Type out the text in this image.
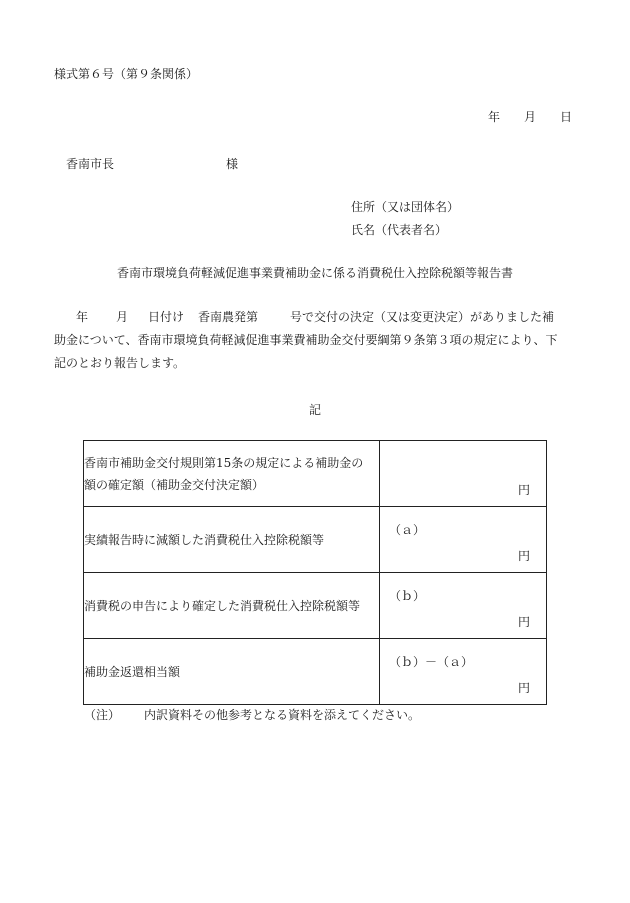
様式第６号（第９条関係）
年 月 日
香南市長	様
住所（又は団体名）
氏名（代表者名）
香南市環境負荷軽減促進事業費補助金に係る消費税仕入控除税額等報告書
年 月 日付け 香南農発第	号で交付の決定（又は変更決定）がありました補
助金について、香南市環境負荷軽減促進事業費補助金交付要綱第９条第３項の規定により、下
記のとおり報告します。
記
香南市補助金交付規則第15条の規定による補助金の
額の確定額（補助金交付決定額）	円

実績報告時に減額した消費税仕入控除税額等	（ａ）
円

消費税の申告により確定した消費税仕入控除税額等	（ｂ）
円

補助金返還相当額	（ｂ）－（ａ）
円
（注） 内訳資料その他参考となる資料を添えてください。
